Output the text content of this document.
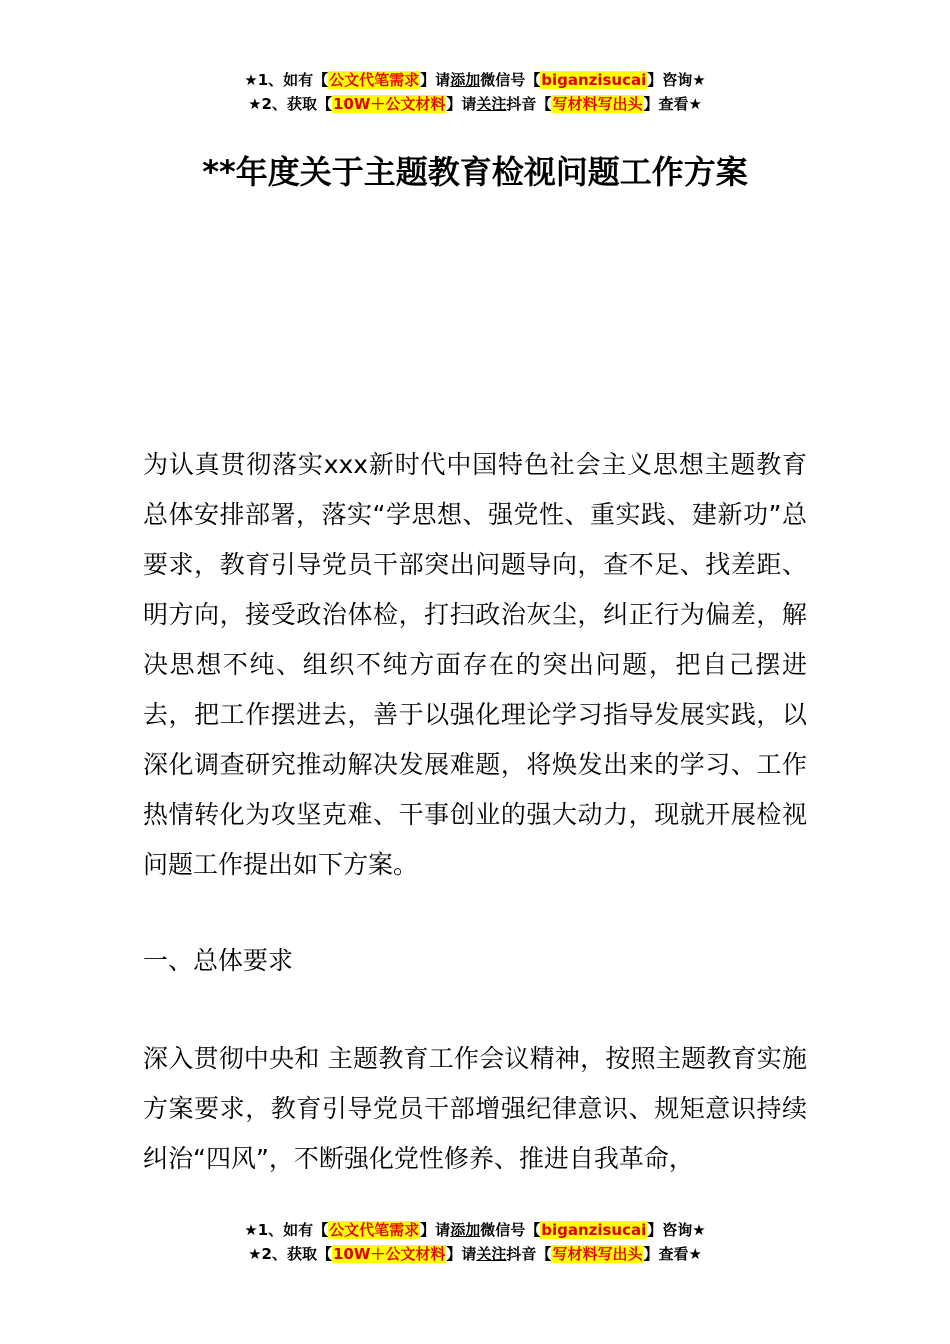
★1、如有【公文代笔需求】请添加微信号【biganzisucai】咨询★
★2、获取【10W＋公文材料】请关注抖音【写材料写出头】查看★
**年度关于主题教育检视问题工作方案

为认真贯彻落实xxx新时代中国特色社会主义思想主题教育总体安排部署，落实“学思想、强党性、重实践、建新功”总要求，教育引导党员干部突出问题导向，查不足、找差距、明方向，接受政治体检，打扫政治灰尘，纠正行为偏差，解决思想不纯、组织不纯方面存在的突出问题，把自己摆进去，把工作摆进去，善于以强化理论学习指导发展实践，以深化调查研究推动解决发展难题，将焕发出来的学习、工作热情转化为攻坚克难、干事创业的强大动力，现就开展检视问题工作提出如下方案。

一、总体要求

深入贯彻中央和 主题教育工作会议精神，按照主题教育实施方案要求，教育引导党员干部增强纪律意识、规矩意识持续纠治“四风”，不断强化党性修养、推进自我革命，

★1、如有【公文代笔需求】请添加微信号【biganzisucai】咨询★
★2、获取【10W＋公文材料】请关注抖音【写材料写出头】查看★
